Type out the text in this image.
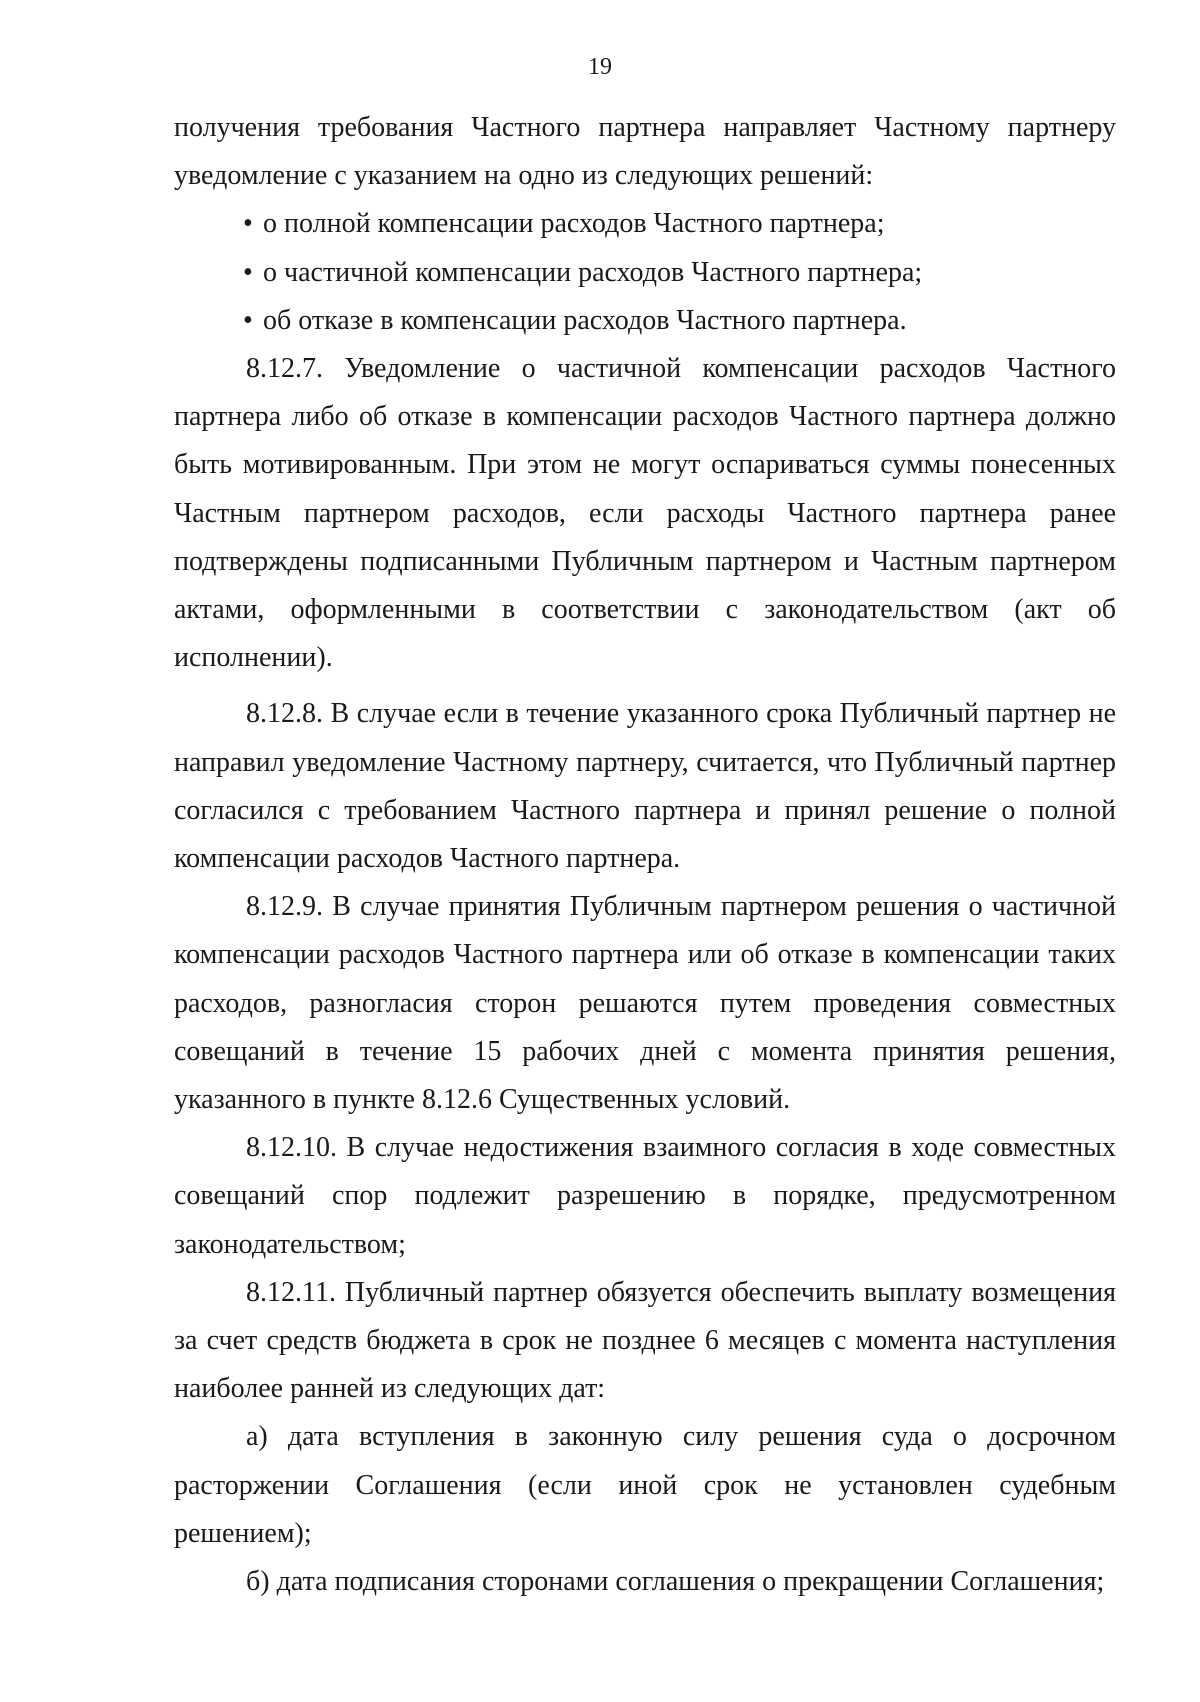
19

получения требования Частного партнера направляет Частному партнеру уведомление с указанием на одно из следующих решений:

• о полной компенсации расходов Частного партнера;
• о частичной компенсации расходов Частного партнера;
• об отказе в компенсации расходов Частного партнера.

8.12.7. Уведомление о частичной компенсации расходов Частного партнера либо об отказе в компенсации расходов Частного партнера должно быть мотивированным. При этом не могут оспариваться суммы понесенных Частным партнером расходов, если расходы Частного партнера ранее подтверждены подписанными Публичным партнером и Частным партнером актами, оформленными в соответствии с законодательством (акт об исполнении).

8.12.8. В случае если в течение указанного срока Публичный партнер не направил уведомление Частному партнеру, считается, что Публичный партнер согласился с требованием Частного партнера и принял решение о полной компенсации расходов Частного партнера.

8.12.9. В случае принятия Публичным партнером решения о частичной компенсации расходов Частного партнера или об отказе в компенсации таких расходов, разногласия сторон решаются путем проведения совместных совещаний в течение 15 рабочих дней с момента принятия решения, указанного в пункте 8.12.6 Существенных условий.

8.12.10. В случае недостижения взаимного согласия в ходе совместных совещаний спор подлежит разрешению в порядке, предусмотренном законодательством;

8.12.11. Публичный партнер обязуется обеспечить выплату возмещения за счет средств бюджета в срок не позднее 6 месяцев с момента наступления наиболее ранней из следующих дат:

а) дата вступления в законную силу решения суда о досрочном расторжении Соглашения (если иной срок не установлен судебным решением);

б) дата подписания сторонами соглашения о прекращении Соглашения;
